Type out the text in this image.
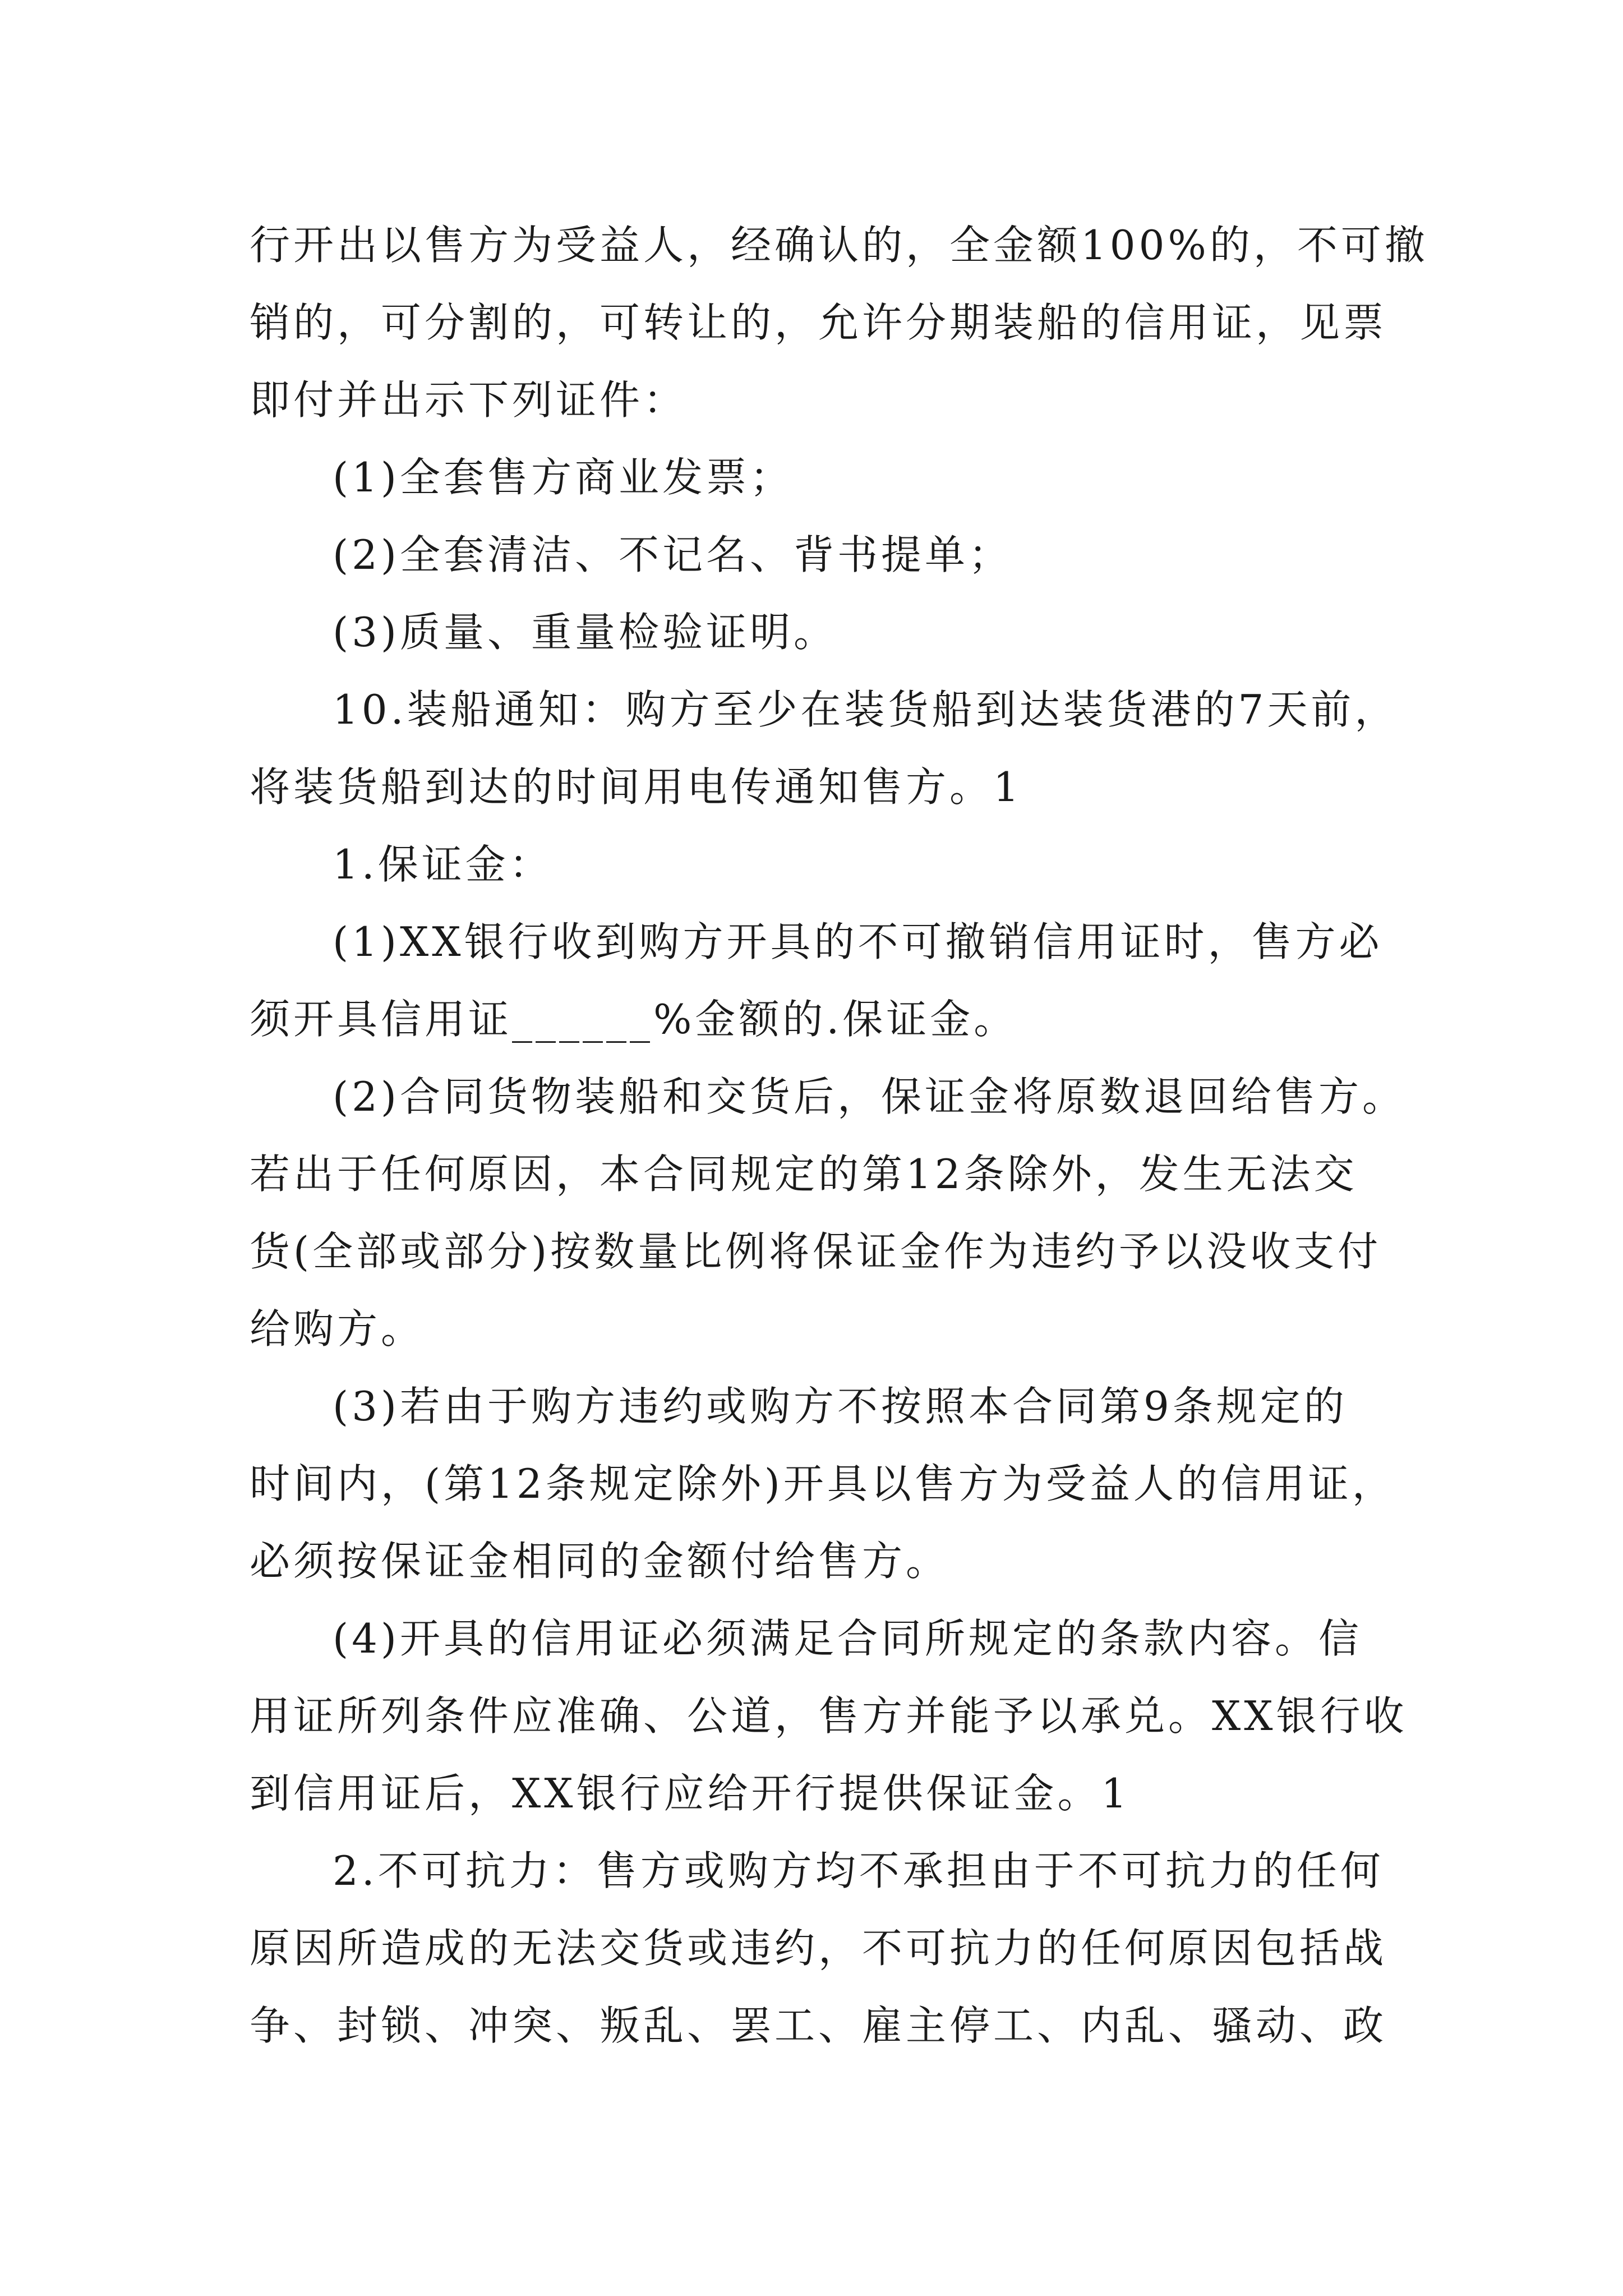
行开出以售方为受益人，经确认的，全金额100%的，不可撤
销的，可分割的，可转让的，允许分期装船的信用证，见票
即付并出示下列证件：
(1)全套售方商业发票；
(2)全套清洁、不记名、背书提单；
(3)质量、重量检验证明。
10.装船通知：购方至少在装货船到达装货港的7天前，
将装货船到达的时间用电传通知售方。1
1.保证金：
(1)XX银行收到购方开具的不可撤销信用证时，售方必
须开具信用证______%金额的.保证金。
(2)合同货物装船和交货后，保证金将原数退回给售方。
若出于任何原因，本合同规定的第12条除外，发生无法交
货(全部或部分)按数量比例将保证金作为违约予以没收支付
给购方。
(3)若由于购方违约或购方不按照本合同第9条规定的
时间内，(第12条规定除外)开具以售方为受益人的信用证，
必须按保证金相同的金额付给售方。
(4)开具的信用证必须满足合同所规定的条款内容。信
用证所列条件应准确、公道，售方并能予以承兑。XX银行收
到信用证后，XX银行应给开行提供保证金。1
2.不可抗力：售方或购方均不承担由于不可抗力的任何
原因所造成的无法交货或违约，不可抗力的任何原因包括战
争、封锁、冲突、叛乱、罢工、雇主停工、内乱、骚动、政
